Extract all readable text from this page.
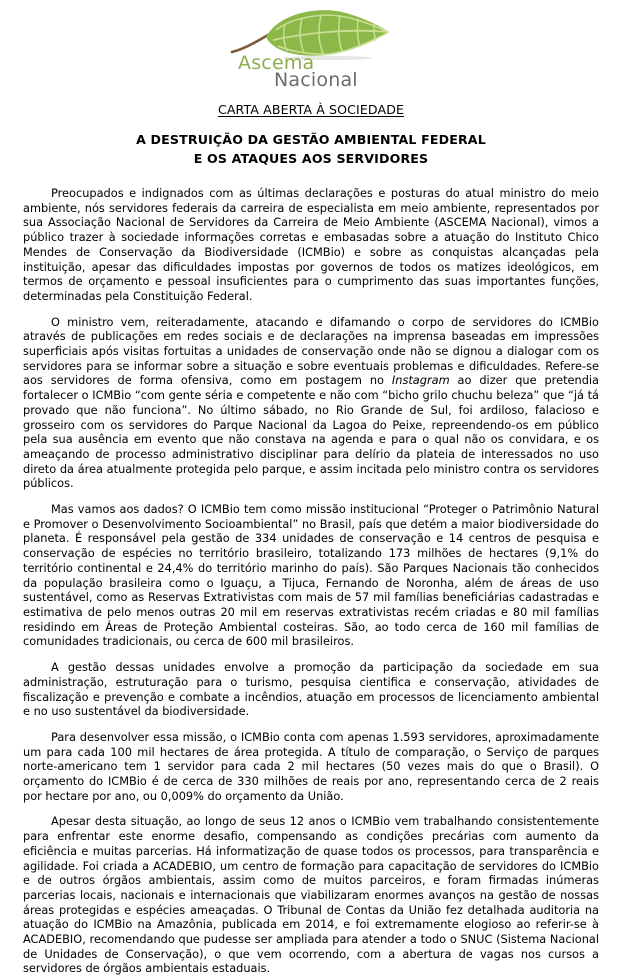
Ascema
Nacional
CARTA ABERTA À SOCIEDADE
A DESTRUIÇÃO DA GESTÃO AMBIENTAL FEDERAL
E OS ATAQUES AOS SERVIDORES

Preocupados e indignados com as últimas declarações e posturas do atual ministro do meio ambiente, nós servidores federais da carreira de especialista em meio ambiente, representados por sua Associação Nacional de Servidores da Carreira de Meio Ambiente (ASCEMA Nacional), vimos a público trazer à sociedade informações corretas e embasadas sobre a atuação do Instituto Chico Mendes de Conservação da Biodiversidade (ICMBio) e sobre as conquistas alcançadas pela instituição, apesar das dificuldades impostas por governos de todos os matizes ideológicos, em termos de orçamento e pessoal insuficientes para o cumprimento das suas importantes funções, determinadas pela Constituição Federal.

O ministro vem, reiteradamente, atacando e difamando o corpo de servidores do ICMBio através de publicações em redes sociais e de declarações na imprensa baseadas em impressões superficiais após visitas fortuitas a unidades de conservação onde não se dignou a dialogar com os servidores para se informar sobre a situação e sobre eventuais problemas e dificuldades. Refere-se aos servidores de forma ofensiva, como em postagem no Instagram ao dizer que pretendia fortalecer o ICMBio “com gente séria e competente e não com “bicho grilo chuchu beleza” que “já tá provado que não funciona”. No último sábado, no Rio Grande de Sul, foi ardiloso, falacioso e grosseiro com os servidores do Parque Nacional da Lagoa do Peixe, repreendendo-os em público pela sua ausência em evento que não constava na agenda e para o qual não os convidara, e os ameaçando de processo administrativo disciplinar para delírio da plateia de interessados no uso direto da área atualmente protegida pelo parque, e assim incitada pelo ministro contra os servidores públicos.

Mas vamos aos dados? O ICMBio tem como missão institucional “Proteger o Patrimônio Natural e Promover o Desenvolvimento Socioambiental” no Brasil, país que detém a maior biodiversidade do planeta. É responsável pela gestão de 334 unidades de conservação e 14 centros de pesquisa e conservação de espécies no território brasileiro, totalizando 173 milhões de hectares (9,1% do território continental e 24,4% do território marinho do país). São Parques Nacionais tão conhecidos da população brasileira como o Iguaçu, a Tijuca, Fernando de Noronha, além de áreas de uso sustentável, como as Reservas Extrativistas com mais de 57 mil famílias beneficiárias cadastradas e estimativa de pelo menos outras 20 mil em reservas extrativistas recém criadas e 80 mil famílias residindo em Áreas de Proteção Ambiental costeiras. São, ao todo cerca de 160 mil famílias de comunidades tradicionais, ou cerca de 600 mil brasileiros.

A gestão dessas unidades envolve a promoção da participação da sociedade em sua administração, estruturação para o turismo, pesquisa cientifica e conservação, atividades de fiscalização e prevenção e combate a incêndios, atuação em processos de licenciamento ambiental e no uso sustentável da biodiversidade.

Para desenvolver essa missão, o ICMBio conta com apenas 1.593 servidores, aproximadamente um para cada 100 mil hectares de área protegida. A título de comparação, o Serviço de parques norte-americano tem 1 servidor para cada 2 mil hectares (50 vezes mais do que o Brasil). O orçamento do ICMBio é de cerca de 330 milhões de reais por ano, representando cerca de 2 reais por hectare por ano, ou 0,009% do orçamento da União.

Apesar desta situação, ao longo de seus 12 anos o ICMBio vem trabalhando consistentemente para enfrentar este enorme desafio, compensando as condições precárias com aumento da eficiência e muitas parcerias. Há informatização de quase todos os processos, para transparência e agilidade. Foi criada a ACADEBIO, um centro de formação para capacitação de servidores do ICMBio e de outros órgãos ambientais, assim como de muitos parceiros, e foram firmadas inúmeras parcerias locais, nacionais e internacionais que viabilizaram enormes avanços na gestão de nossas áreas protegidas e espécies ameaçadas. O Tribunal de Contas da União fez detalhada auditoria na atuação do ICMBio na Amazônia, publicada em 2014, e foi extremamente elogioso ao referir-se à ACADEBIO, recomendando que pudesse ser ampliada para atender a todo o SNUC (Sistema Nacional de Unidades de Conservação), o que vem ocorrendo, com a abertura de vagas nos cursos a servidores de órgãos ambientais estaduais.
